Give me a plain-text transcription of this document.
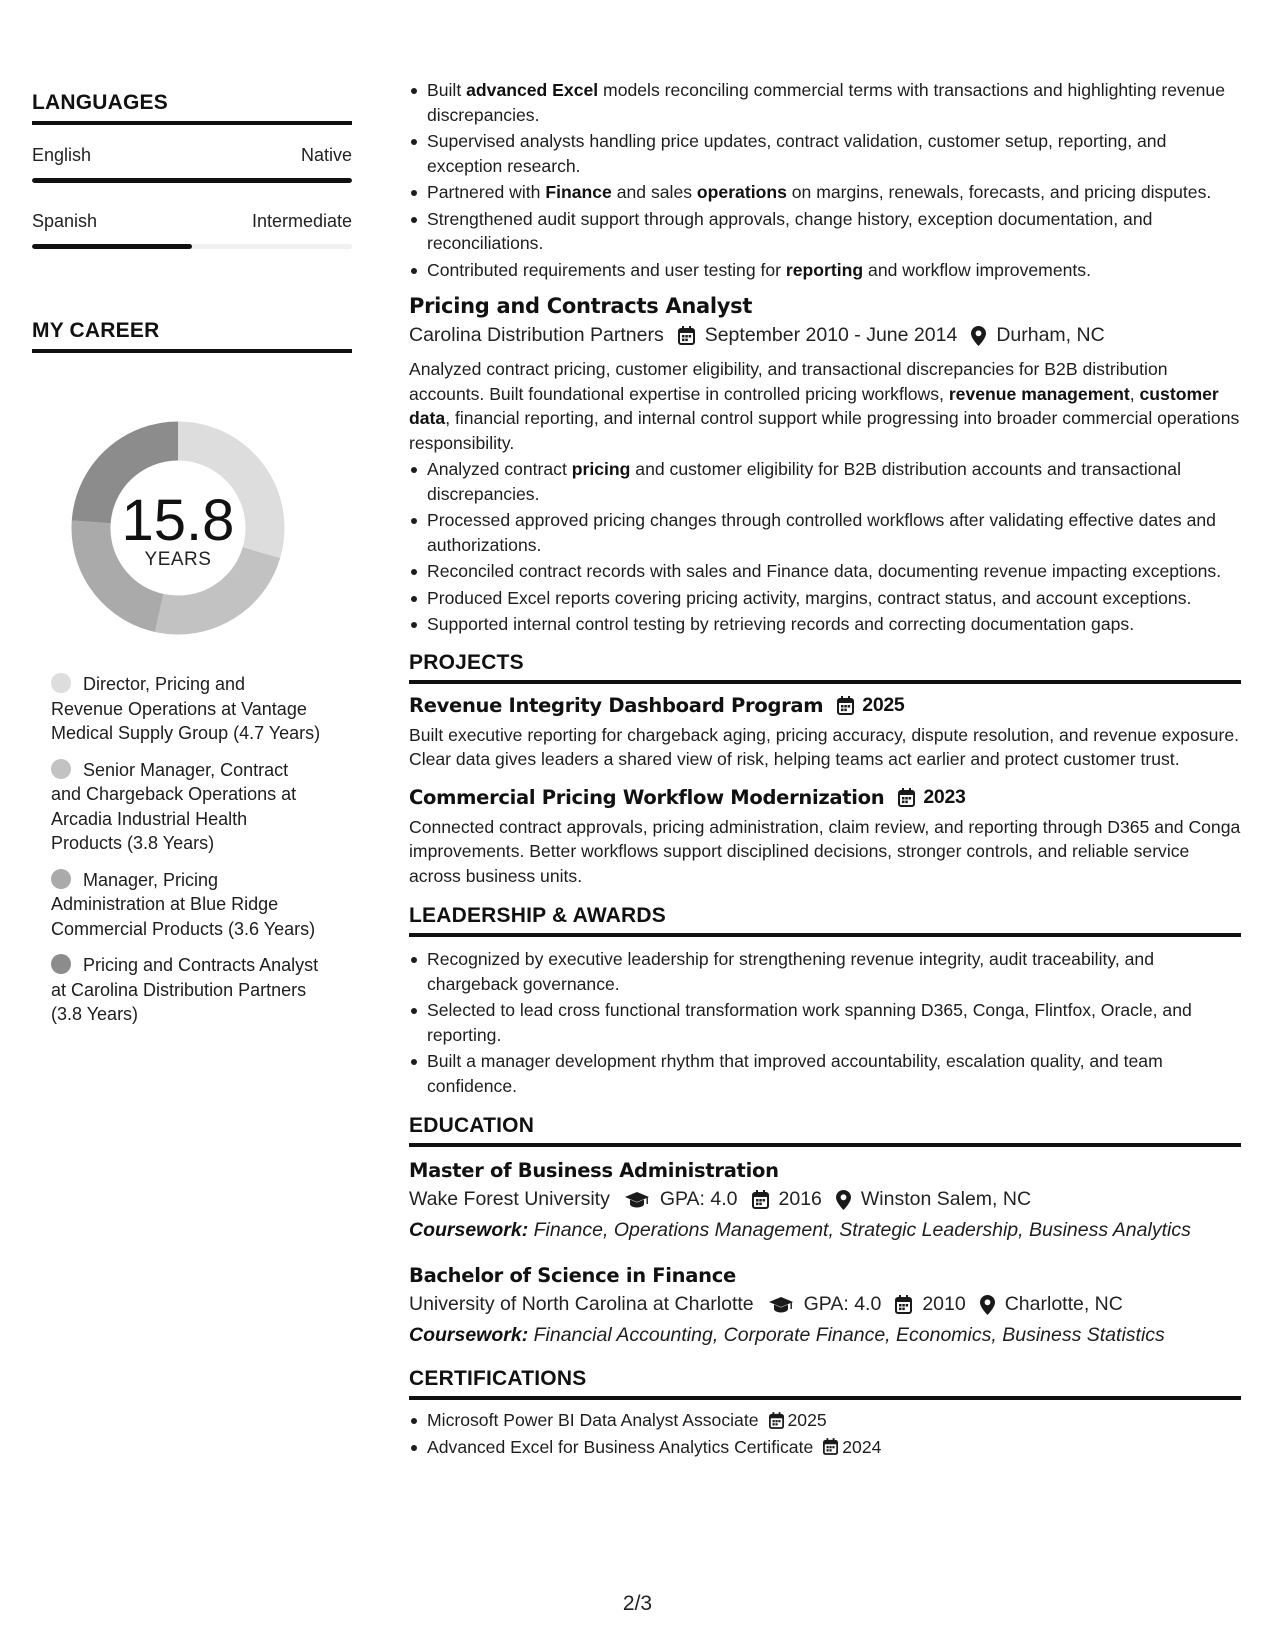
LANGUAGES
English	Native
Spanish	Intermediate
MY CAREER
15.8
YEARS
Director, Pricing and Revenue Operations at Vantage Medical Supply Group (4.7 Years)
Senior Manager, Contract and Chargeback Operations at Arcadia Industrial Health Products (3.8 Years)
Manager, Pricing Administration at Blue Ridge Commercial Products (3.6 Years)
Pricing and Contracts Analyst at Carolina Distribution Partners (3.8 Years)
Built advanced Excel models reconciling commercial terms with transactions and highlighting revenue discrepancies.
Supervised analysts handling price updates, contract validation, customer setup, reporting, and exception research.
Partnered with Finance and sales operations on margins, renewals, forecasts, and pricing disputes.
Strengthened audit support through approvals, change history, exception documentation, and reconciliations.
Contributed requirements and user testing for reporting and workflow improvements.
Pricing and Contracts Analyst
Carolina Distribution Partners September 2010 - June 2014 Durham, NC
Analyzed contract pricing, customer eligibility, and transactional discrepancies for B2B distribution accounts. Built foundational expertise in controlled pricing workflows, revenue management, customer data, financial reporting, and internal control support while progressing into broader commercial operations responsibility.
Analyzed contract pricing and customer eligibility for B2B distribution accounts and transactional discrepancies.
Processed approved pricing changes through controlled workflows after validating effective dates and authorizations.
Reconciled contract records with sales and Finance data, documenting revenue impacting exceptions.
Produced Excel reports covering pricing activity, margins, contract status, and account exceptions.
Supported internal control testing by retrieving records and correcting documentation gaps.
PROJECTS
Revenue Integrity Dashboard Program 2025
Built executive reporting for chargeback aging, pricing accuracy, dispute resolution, and revenue exposure. Clear data gives leaders a shared view of risk, helping teams act earlier and protect customer trust.
Commercial Pricing Workflow Modernization 2023
Connected contract approvals, pricing administration, claim review, and reporting through D365 and Conga improvements. Better workflows support disciplined decisions, stronger controls, and reliable service across business units.
LEADERSHIP & AWARDS
Recognized by executive leadership for strengthening revenue integrity, audit traceability, and chargeback governance.
Selected to lead cross functional transformation work spanning D365, Conga, Flintfox, Oracle, and reporting.
Built a manager development rhythm that improved accountability, escalation quality, and team confidence.
EDUCATION
Master of Business Administration
Wake Forest University	GPA: 4.0 2016 Winston Salem, NC
Coursework: Finance, Operations Management, Strategic Leadership, Business Analytics
Bachelor of Science in Finance
University of North Carolina at Charlotte	GPA: 4.0 2010 Charlotte, NC
Coursework: Financial Accounting, Corporate Finance, Economics, Business Statistics
CERTIFICATIONS
Microsoft Power BI Data Analyst Associate 2025
Advanced Excel for Business Analytics Certificate 2024
2/3
